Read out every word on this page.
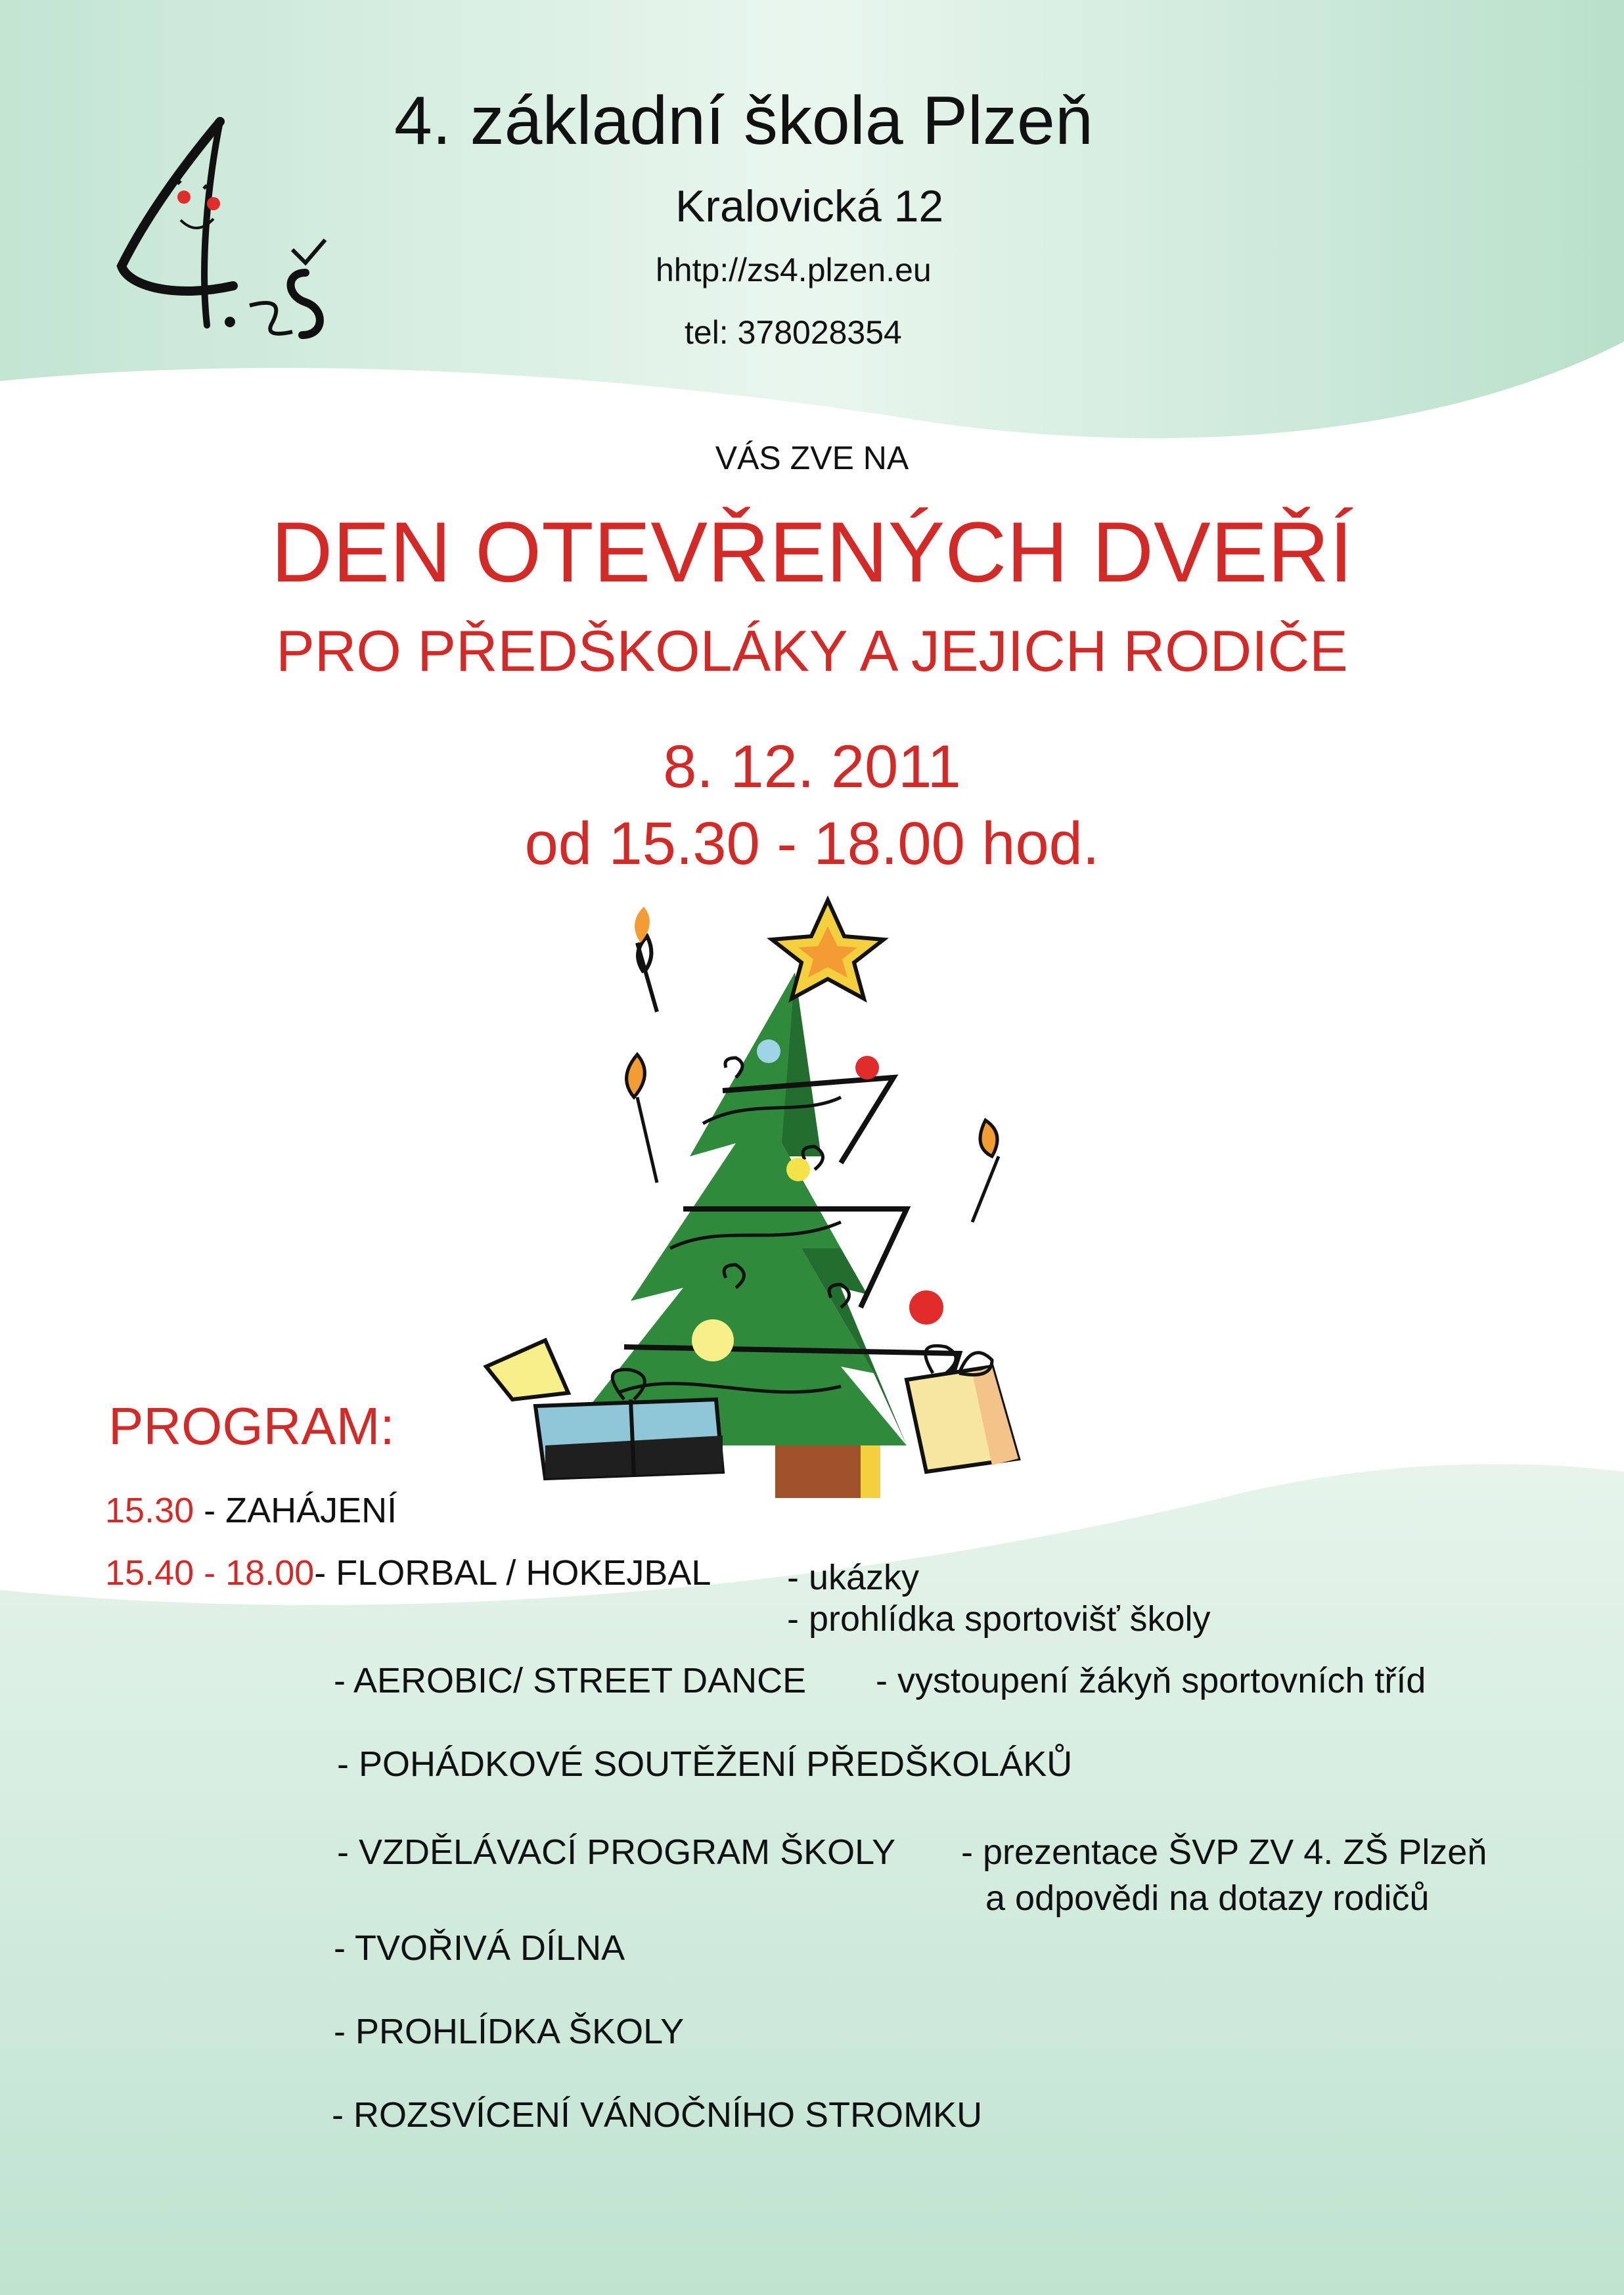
4. základní škola Plzeň
Kralovická 12
hhtp://zs4.plzen.eu
tel: 378028354
VÁS ZVE NA
DEN OTEVŘENÝCH DVEŘÍ
PRO PŘEDŠKOLÁKY A JEJICH RODIČE
8. 12. 2011
od 15.30 - 18.00 hod.
PROGRAM:
15.30 - ZAHÁJENÍ
15.40 - 18.00- FLORBAL / HOKEJBAL - ukázky
- prohlídka sportovišť školy
- AEROBIC/ STREET DANCE - vystoupení žákyň sportovních tříd
- POHÁDKOVÉ SOUTĚŽENÍ PŘEDŠKOLÁKŮ
- VZDĚLÁVACÍ PROGRAM ŠKOLY - prezentace ŠVP ZV 4. ZŠ Plzeň
a odpovědi na dotazy rodičů
- TVOŘIVÁ DÍLNA
- PROHLÍDKA ŠKOLY
- ROZSVÍCENÍ VÁNOČNÍHO STROMKU
